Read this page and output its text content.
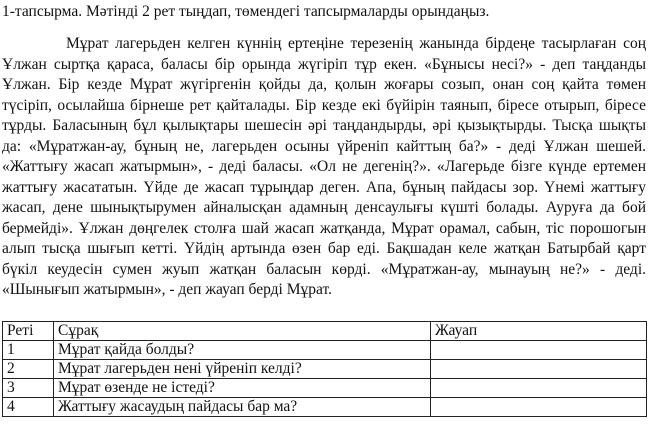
1-тапсырма. Мәтінді 2 рет тыңдап, төмендегі тапсырмаларды орындаңыз.

Мұрат лагерьден келген күннің ертеңіне терезенің жанында бірдеңе тасырлаған соң Ұлжан сыртқа қараса, баласы бір орында жүгіріп тұр екен. «Бұнысы несі?» - деп таңданды Ұлжан. Бір кезде Мұрат жүгіргенін қойды да, қолын жоғары созып, онан соң қайта төмен түсіріп, осылайша бірнеше рет қайталады. Бір кезде екі бүйірін таянып, біресе отырып, біресе тұрды. Баласының бұл қылықтары шешесін әрі таңдандырды, әрі қызықтырды. Тысқа шықты да: «Мұратжан-ау, бұның не, лагерьден осыны үйреніп кайттың ба?» - деді Ұлжан шешей. «Жаттығу жасап жатырмын», - деді баласы. «Ол не дегенің?». «Лагерьде бізге күнде ертемен жаттығу жасататын. Үйде де жасап тұрыңдар деген. Апа, бұның пайдасы зор. Үнемі жаттығу жасап, дене шынықтырумен айналысқан адамның денсаулығы күшті болады. Ауруға да бой бермейді». Ұлжан дөңгелек столға шай жасап жатқанда, Мұрат орамал, сабын, тіс порошогын алып тысқа шығып кетті. Үйдің артында өзен бар еді. Бақшадан келе жатқан Батырбай қарт бүкіл кеудесін сумен жуып жатқан баласын көрді. «Мұратжан-ау, мынауың не?» - деді. «Шынығып жатырмын», - деп жауап берді Мұрат.

Реті	Сұрақ	Жауап
1	Мұрат қайда болды?	
2	Мұрат лагерьден нені үйреніп келді?	
3	Мұрат өзенде не істеді?	
4	Жаттығу жасаудың пайдасы бар ма?	
